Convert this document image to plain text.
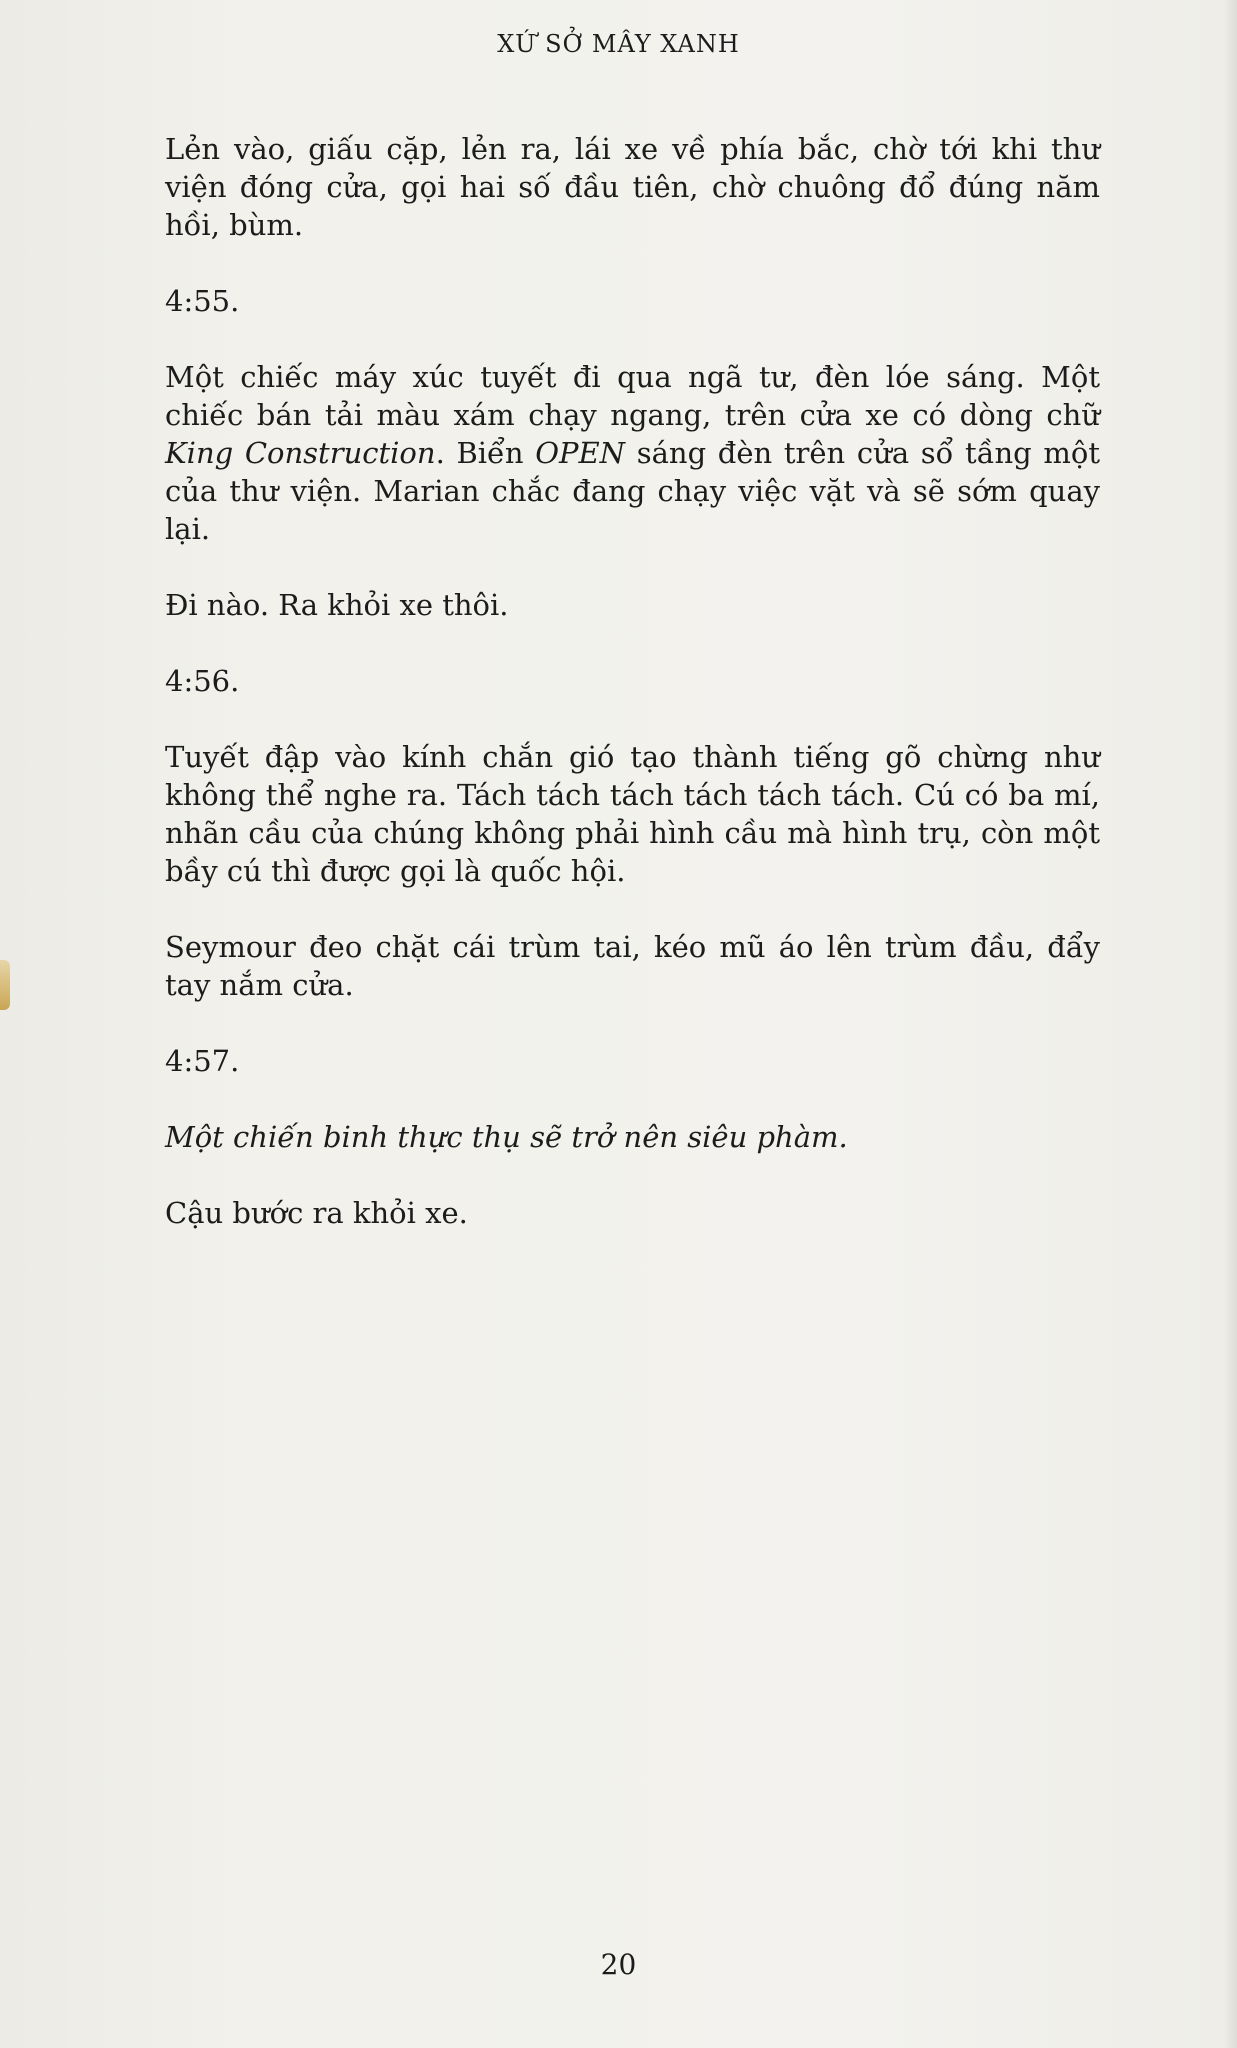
XỨ SỞ MÂY XANH

Lẻn vào, giấu cặp, lẻn ra, lái xe về phía bắc, chờ tới khi thư viện đóng cửa, gọi hai số đầu tiên, chờ chuông đổ đúng năm hồi, bùm.

4:55.

Một chiếc máy xúc tuyết đi qua ngã tư, đèn lóe sáng. Một chiếc bán tải màu xám chạy ngang, trên cửa xe có dòng chữ King Construction. Biển OPEN sáng đèn trên cửa sổ tầng một của thư viện. Marian chắc đang chạy việc vặt và sẽ sớm quay lại.

Đi nào. Ra khỏi xe thôi.

4:56.

Tuyết đập vào kính chắn gió tạo thành tiếng gõ chừng như không thể nghe ra. Tách tách tách tách tách tách. Cú có ba mí, nhãn cầu của chúng không phải hình cầu mà hình trụ, còn một bầy cú thì được gọi là quốc hội.

Seymour đeo chặt cái trùm tai, kéo mũ áo lên trùm đầu, đẩy tay nắm cửa.

4:57.

Một chiến binh thực thụ sẽ trở nên siêu phàm.

Cậu bước ra khỏi xe.

20
